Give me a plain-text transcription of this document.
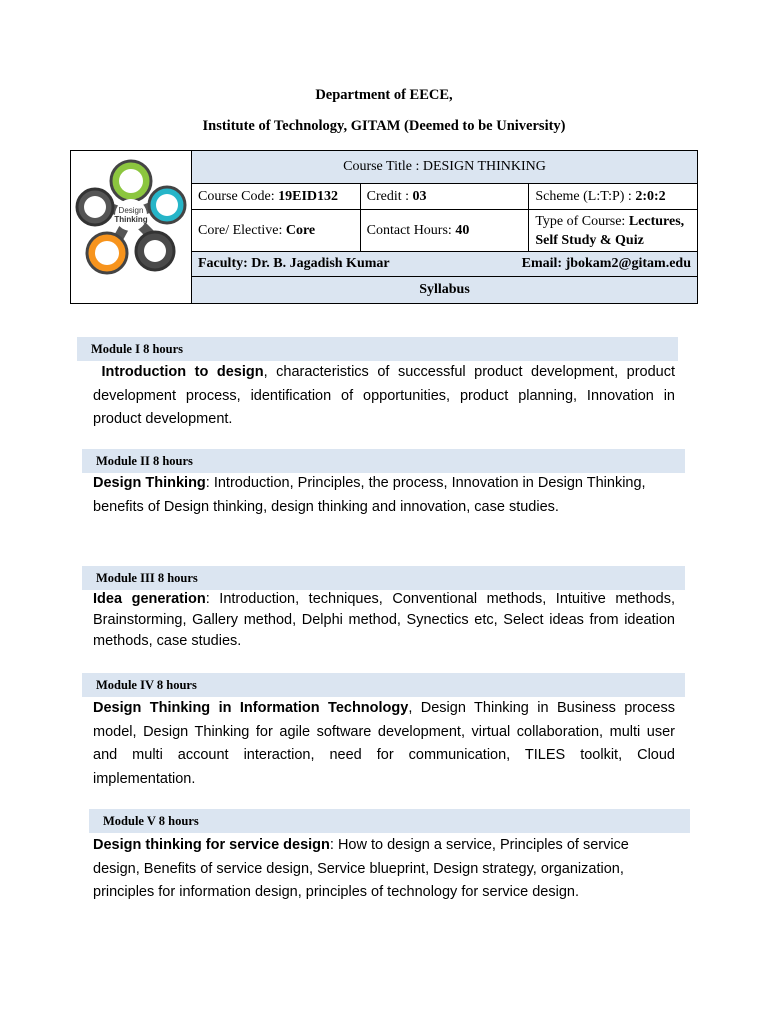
Department of EECE,
Institute of Technology, GITAM (Deemed to be University)
Design
Thinking	Course Title : DESIGN THINKING		
	Course Code: 19EID132	Credit : 03	Scheme (L:T:P) : 2:0:2
	Core/ Elective: Core	Contact Hours: 40	Type of Course: Lectures,
Self Study & Quiz
	Faculty: Dr. B. Jagadish Kumar Email: jbokam2@gitam.edu		

	Syllabus		
Module I 8 hours
Introduction to design, characteristics of successful product development, product development process, identification of opportunities, product planning, Innovation in product development.
Module II 8 hours
Design Thinking: Introduction, Principles, the process, Innovation in Design Thinking, benefits of Design thinking, design thinking and innovation, case studies.
Module III 8 hours
Idea generation: Introduction, techniques, Conventional methods, Intuitive methods, Brainstorming, Gallery method, Delphi method, Synectics etc, Select ideas from ideation methods, case studies.
Module IV 8 hours
Design Thinking in Information Technology, Design Thinking in Business process model, Design Thinking for agile software development, virtual collaboration, multi user and multi account interaction, need for communication, TILES toolkit, Cloud implementation.
Module V 8 hours
Design thinking for service design: How to design a service, Principles of service design, Benefits of service design, Service blueprint, Design strategy, organization, principles for information design, principles of technology for service design.
